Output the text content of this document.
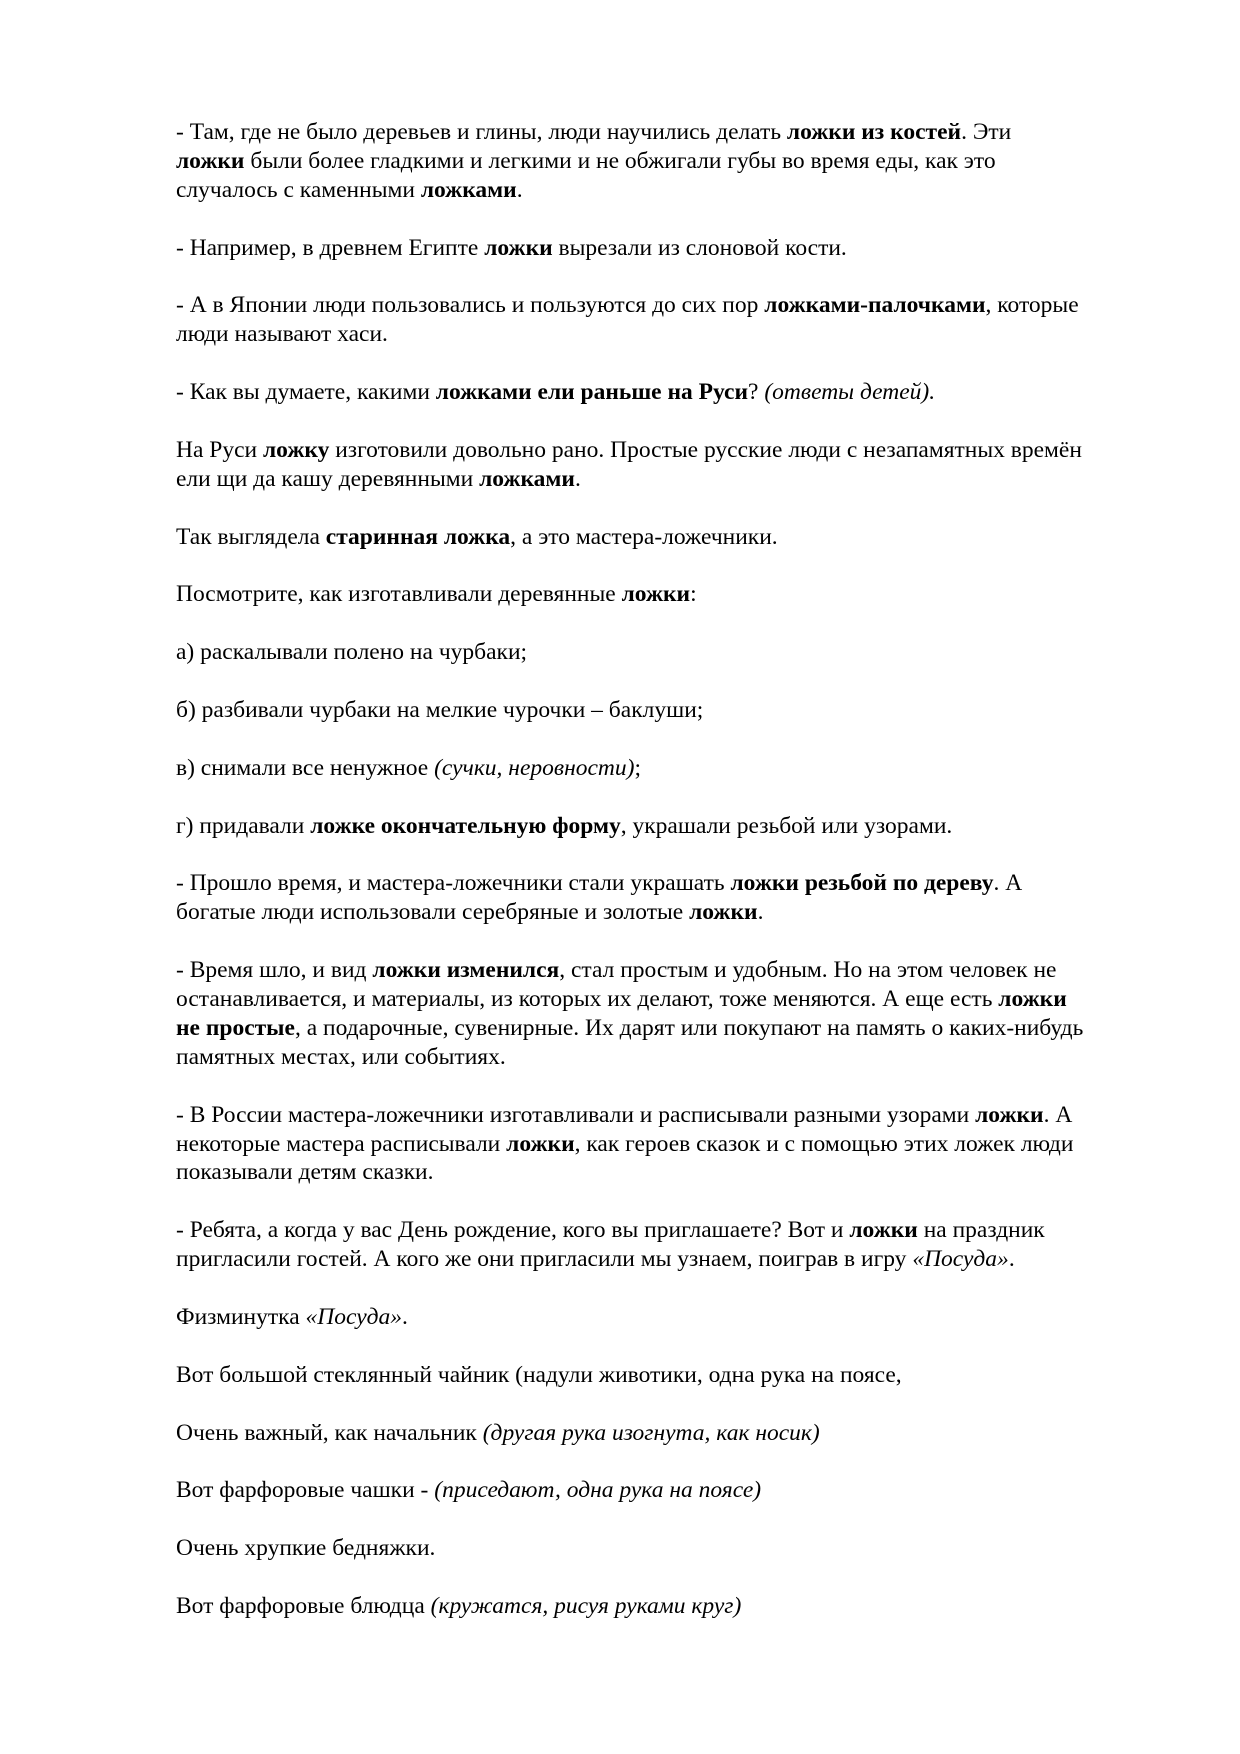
- Там, где не было деревьев и глины, люди научились делать ложки из костей. Эти
ложки были более гладкими и легкими и не обжигали губы во время еды, как это
случалось с каменными ложками.
- Например, в древнем Египте ложки вырезали из слоновой кости.
- А в Японии люди пользовались и пользуются до сих пор ложками-палочками, которые
люди называют хаси.
- Как вы думаете, какими ложками ели раньше на Руси? (ответы детей).
На Руси ложку изготовили довольно рано. Простые русские люди с незапамятных времён
ели щи да кашу деревянными ложками.
Так выглядела старинная ложка, а это мастера-ложечники.
Посмотрите, как изготавливали деревянные ложки:
а) раскалывали полено на чурбаки;
б) разбивали чурбаки на мелкие чурочки – баклуши;
в) снимали все ненужное (сучки, неровности);
г) придавали ложке окончательную форму, украшали резьбой или узорами.
- Прошло время, и мастера-ложечники стали украшать ложки резьбой по дереву. А
богатые люди использовали серебряные и золотые ложки.
- Время шло, и вид ложки изменился, стал простым и удобным. Но на этом человек не
останавливается, и материалы, из которых их делают, тоже меняются. А еще есть ложки
не простые, а подарочные, сувенирные. Их дарят или покупают на память о каких-нибудь
памятных местах, или событиях.
- В России мастера-ложечники изготавливали и расписывали разными узорами ложки. А
некоторые мастера расписывали ложки, как героев сказок и с помощью этих ложек люди
показывали детям сказки.
- Ребята, а когда у вас День рождение, кого вы приглашаете? Вот и ложки на праздник
пригласили гостей. А кого же они пригласили мы узнаем, поиграв в игру «Посуда».
Физминутка «Посуда».
Вот большой стеклянный чайник (надули животики, одна рука на поясе,
Очень важный, как начальник (другая рука изогнута, как носик)
Вот фарфоровые чашки - (приседают, одна рука на поясе)
Очень хрупкие бедняжки.
Вот фарфоровые блюдца (кружатся, рисуя руками круг)
